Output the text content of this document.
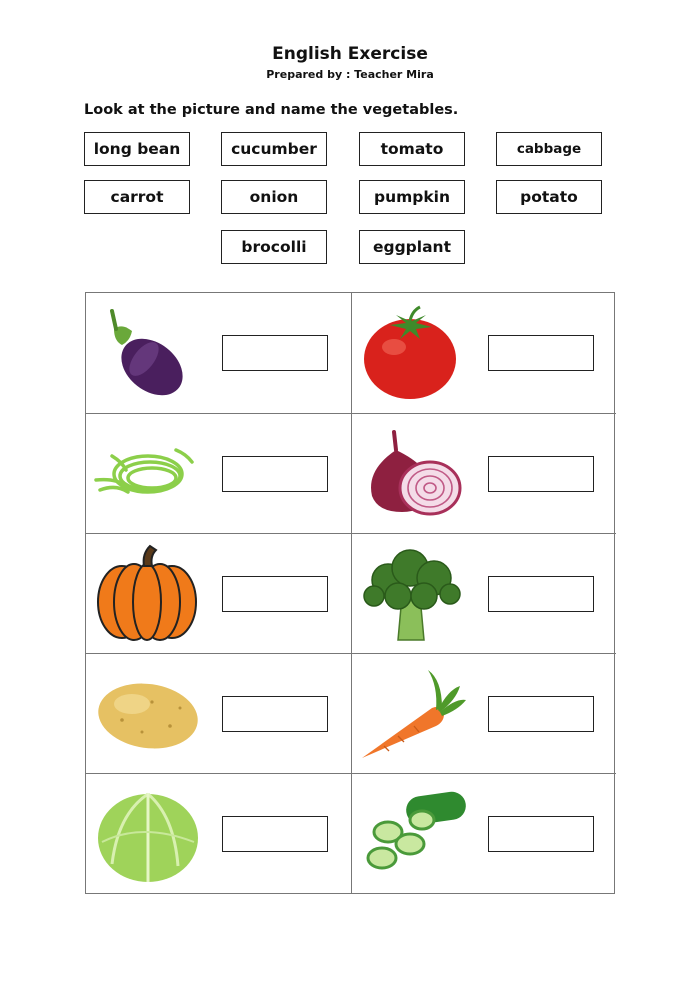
English Exercise
Prepared by : Teacher Mira
Look at the picture and name the vegetables.
long bean	cucumber	tomato	cabbage
carrot	onion	pumpkin	potato
brocolli	eggplant
